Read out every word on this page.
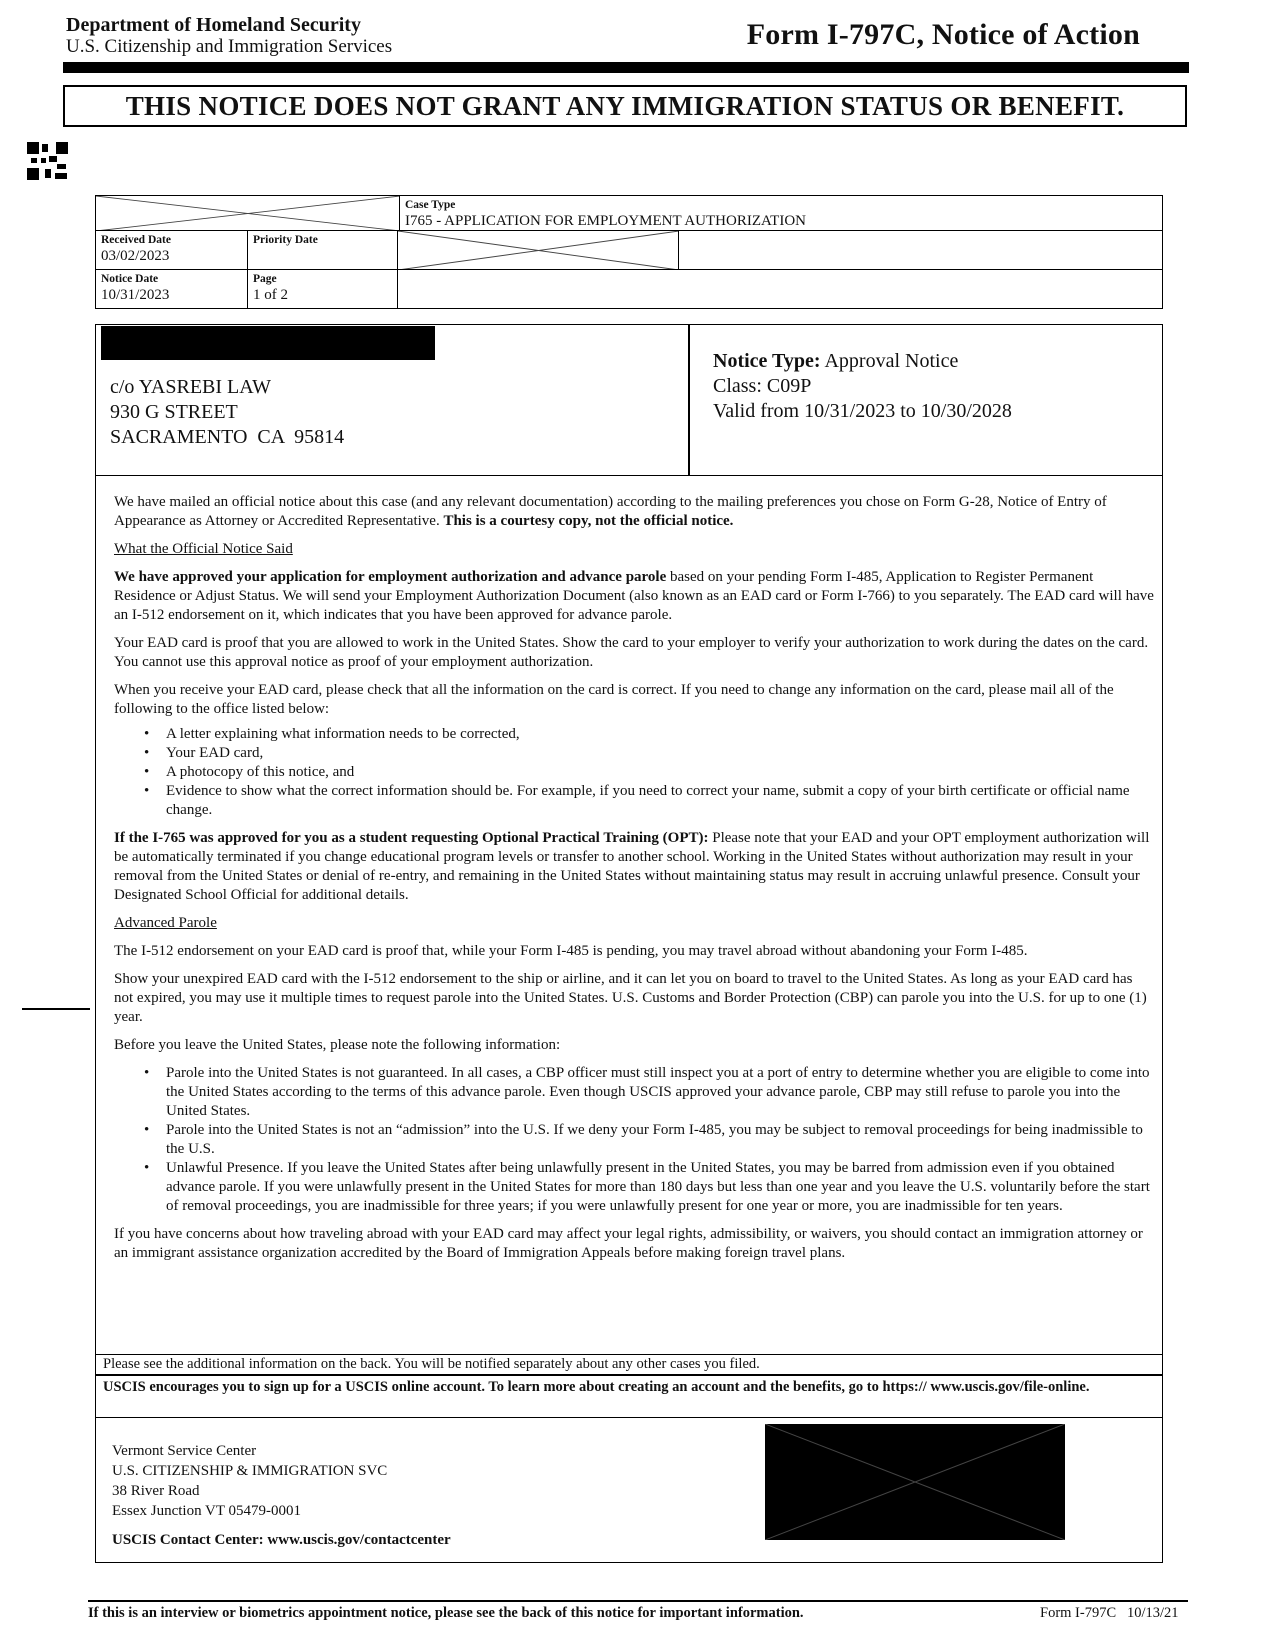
Department of Homeland Security
U.S. Citizenship and Immigration Services	Form I-797C, Notice of Action
THIS NOTICE DOES NOT GRANT ANY IMMIGRATION STATUS OR BENEFIT.
Case Type
I765 - APPLICATION FOR EMPLOYMENT AUTHORIZATION
Received Date
03/02/2023
Priority Date
Notice Date
10/31/2023
Page
1 of 2
c/o YASREBI LAW
930 G STREET
SACRAMENTO  CA  95814
Notice Type: Approval Notice
Class: C09P
Valid from 10/31/2023 to 10/30/2028

We have mailed an official notice about this case (and any relevant documentation) according to the mailing preferences you chose on Form G-28, Notice of Entry of Appearance as Attorney or Accredited Representative. This is a courtesy copy, not the official notice.

What the Official Notice Said

We have approved your application for employment authorization and advance parole based on your pending Form I-485, Application to Register Permanent Residence or Adjust Status. We will send your Employment Authorization Document (also known as an EAD card or Form I-766) to you separately. The EAD card will have an I-512 endorsement on it, which indicates that you have been approved for advance parole.

Your EAD card is proof that you are allowed to work in the United States. Show the card to your employer to verify your authorization to work during the dates on the card. You cannot use this approval notice as proof of your employment authorization.

When you receive your EAD card, please check that all the information on the card is correct. If you need to change any information on the card, please mail all of the following to the office listed below:

• A letter explaining what information needs to be corrected,
• Your EAD card,
• A photocopy of this notice, and
• Evidence to show what the correct information should be. For example, if you need to correct your name, submit a copy of your birth certificate or official name change.

If the I-765 was approved for you as a student requesting Optional Practical Training (OPT): Please note that your EAD and your OPT employment authorization will be automatically terminated if you change educational program levels or transfer to another school. Working in the United States without authorization may result in your removal from the United States or denial of re-entry, and remaining in the United States without maintaining status may result in accruing unlawful presence. Consult your Designated School Official for additional details.

Advanced Parole

The I-512 endorsement on your EAD card is proof that, while your Form I-485 is pending, you may travel abroad without abandoning your Form I-485.

Show your unexpired EAD card with the I-512 endorsement to the ship or airline, and it can let you on board to travel to the United States. As long as your EAD card has not expired, you may use it multiple times to request parole into the United States. U.S. Customs and Border Protection (CBP) can parole you into the U.S. for up to one (1) year.

Before you leave the United States, please note the following information:

• Parole into the United States is not guaranteed. In all cases, a CBP officer must still inspect you at a port of entry to determine whether you are eligible to come into the United States according to the terms of this advance parole. Even though USCIS approved your advance parole, CBP may still refuse to parole you into the United States.
• Parole into the United States is not an “admission” into the U.S. If we deny your Form I-485, you may be subject to removal proceedings for being inadmissible to the U.S.
• Unlawful Presence. If you leave the United States after being unlawfully present in the United States, you may be barred from admission even if you obtained advance parole. If you were unlawfully present in the United States for more than 180 days but less than one year and you leave the U.S. voluntarily before the start of removal proceedings, you are inadmissible for three years; if you were unlawfully present for one year or more, you are inadmissible for ten years.

If you have concerns about how traveling abroad with your EAD card may affect your legal rights, admissibility, or waivers, you should contact an immigration attorney or an immigrant assistance organization accredited by the Board of Immigration Appeals before making foreign travel plans.

Please see the additional information on the back. You will be notified separately about any other cases you filed.
USCIS encourages you to sign up for a USCIS online account. To learn more about creating an account and the benefits, go to https:// www.uscis.gov/file-online.
Vermont Service Center
U.S. CITIZENSHIP & IMMIGRATION SVC
38 River Road
Essex Junction VT 05479-0001
USCIS Contact Center: www.uscis.gov/contactcenter
If this is an interview or biometrics appointment notice, please see the back of this notice for important information.	Form I-797C   10/13/21
